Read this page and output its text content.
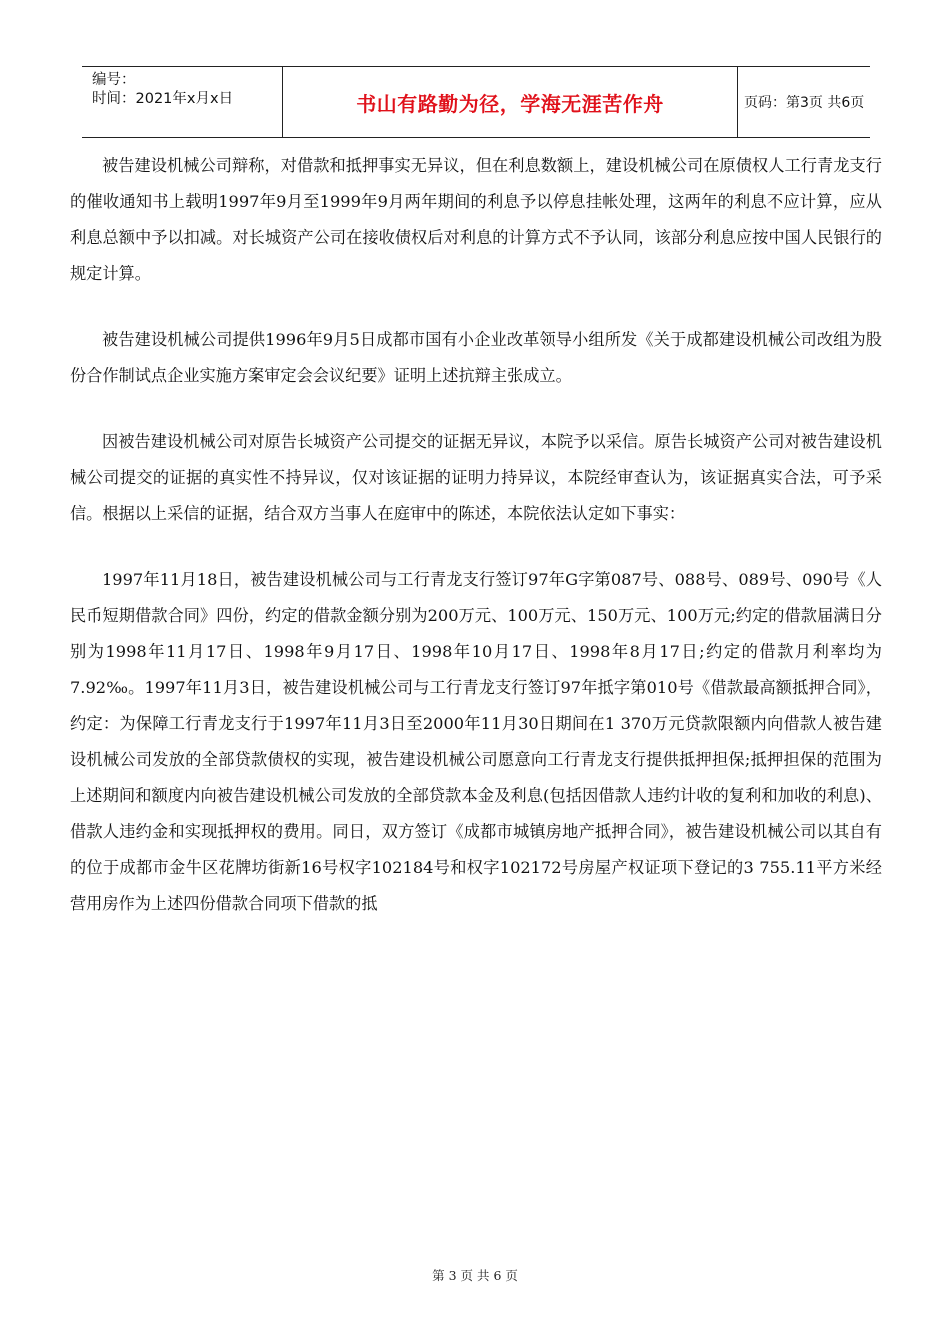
编号：
时间：2021年x月x日	书山有路勤为径，学海无涯苦作舟	页码：第3页 共6页

被告建设机械公司辩称，对借款和抵押事实无异议，但在利息数额上，建设机械公司在原债权人工行青龙支行的催收通知书上载明1997年9月至1999年9月两年期间的利息予以停息挂帐处理，这两年的利息不应计算，应从利息总额中予以扣减。对长城资产公司在接收债权后对利息的计算方式不予认同，该部分利息应按中国人民银行的规定计算。

被告建设机械公司提供1996年9月5日成都市国有小企业改革领导小组所发《关于成都建设机械公司改组为股份合作制试点企业实施方案审定会会议纪要》证明上述抗辩主张成立。

因被告建设机械公司对原告长城资产公司提交的证据无异议，本院予以采信。原告长城资产公司对被告建设机械公司提交的证据的真实性不持异议，仅对该证据的证明力持异议，本院经审查认为，该证据真实合法，可予采信。根据以上采信的证据，结合双方当事人在庭审中的陈述，本院依法认定如下事实：

1997年11月18日，被告建设机械公司与工行青龙支行签订97年G字第087号、088号、089号、090号《人民币短期借款合同》四份，约定的借款金额分别为200万元、100万元、150万元、100万元;约定的借款届满日分别为1998年11月17日、1998年9月17日、1998年10月17日、1998年8月17日;约定的借款月利率均为7.92‰。1997年11月3日，被告建设机械公司与工行青龙支行签订97年抵字第010号《借款最高额抵押合同》，约定：为保障工行青龙支行于1997年11月3日至2000年11月30日期间在1 370万元贷款限额内向借款人被告建设机械公司发放的全部贷款债权的实现，被告建设机械公司愿意向工行青龙支行提供抵押担保;抵押担保的范围为上述期间和额度内向被告建设机械公司发放的全部贷款本金及利息(包括因借款人违约计收的复利和加收的利息)、借款人违约金和实现抵押权的费用。同日，双方签订《成都市城镇房地产抵押合同》，被告建设机械公司以其自有的位于成都市金牛区花牌坊街新16号权字102184号和权字102172号房屋产权证项下登记的3 755.11平方米经营用房作为上述四份借款合同项下借款的抵

第 3 页 共 6 页
